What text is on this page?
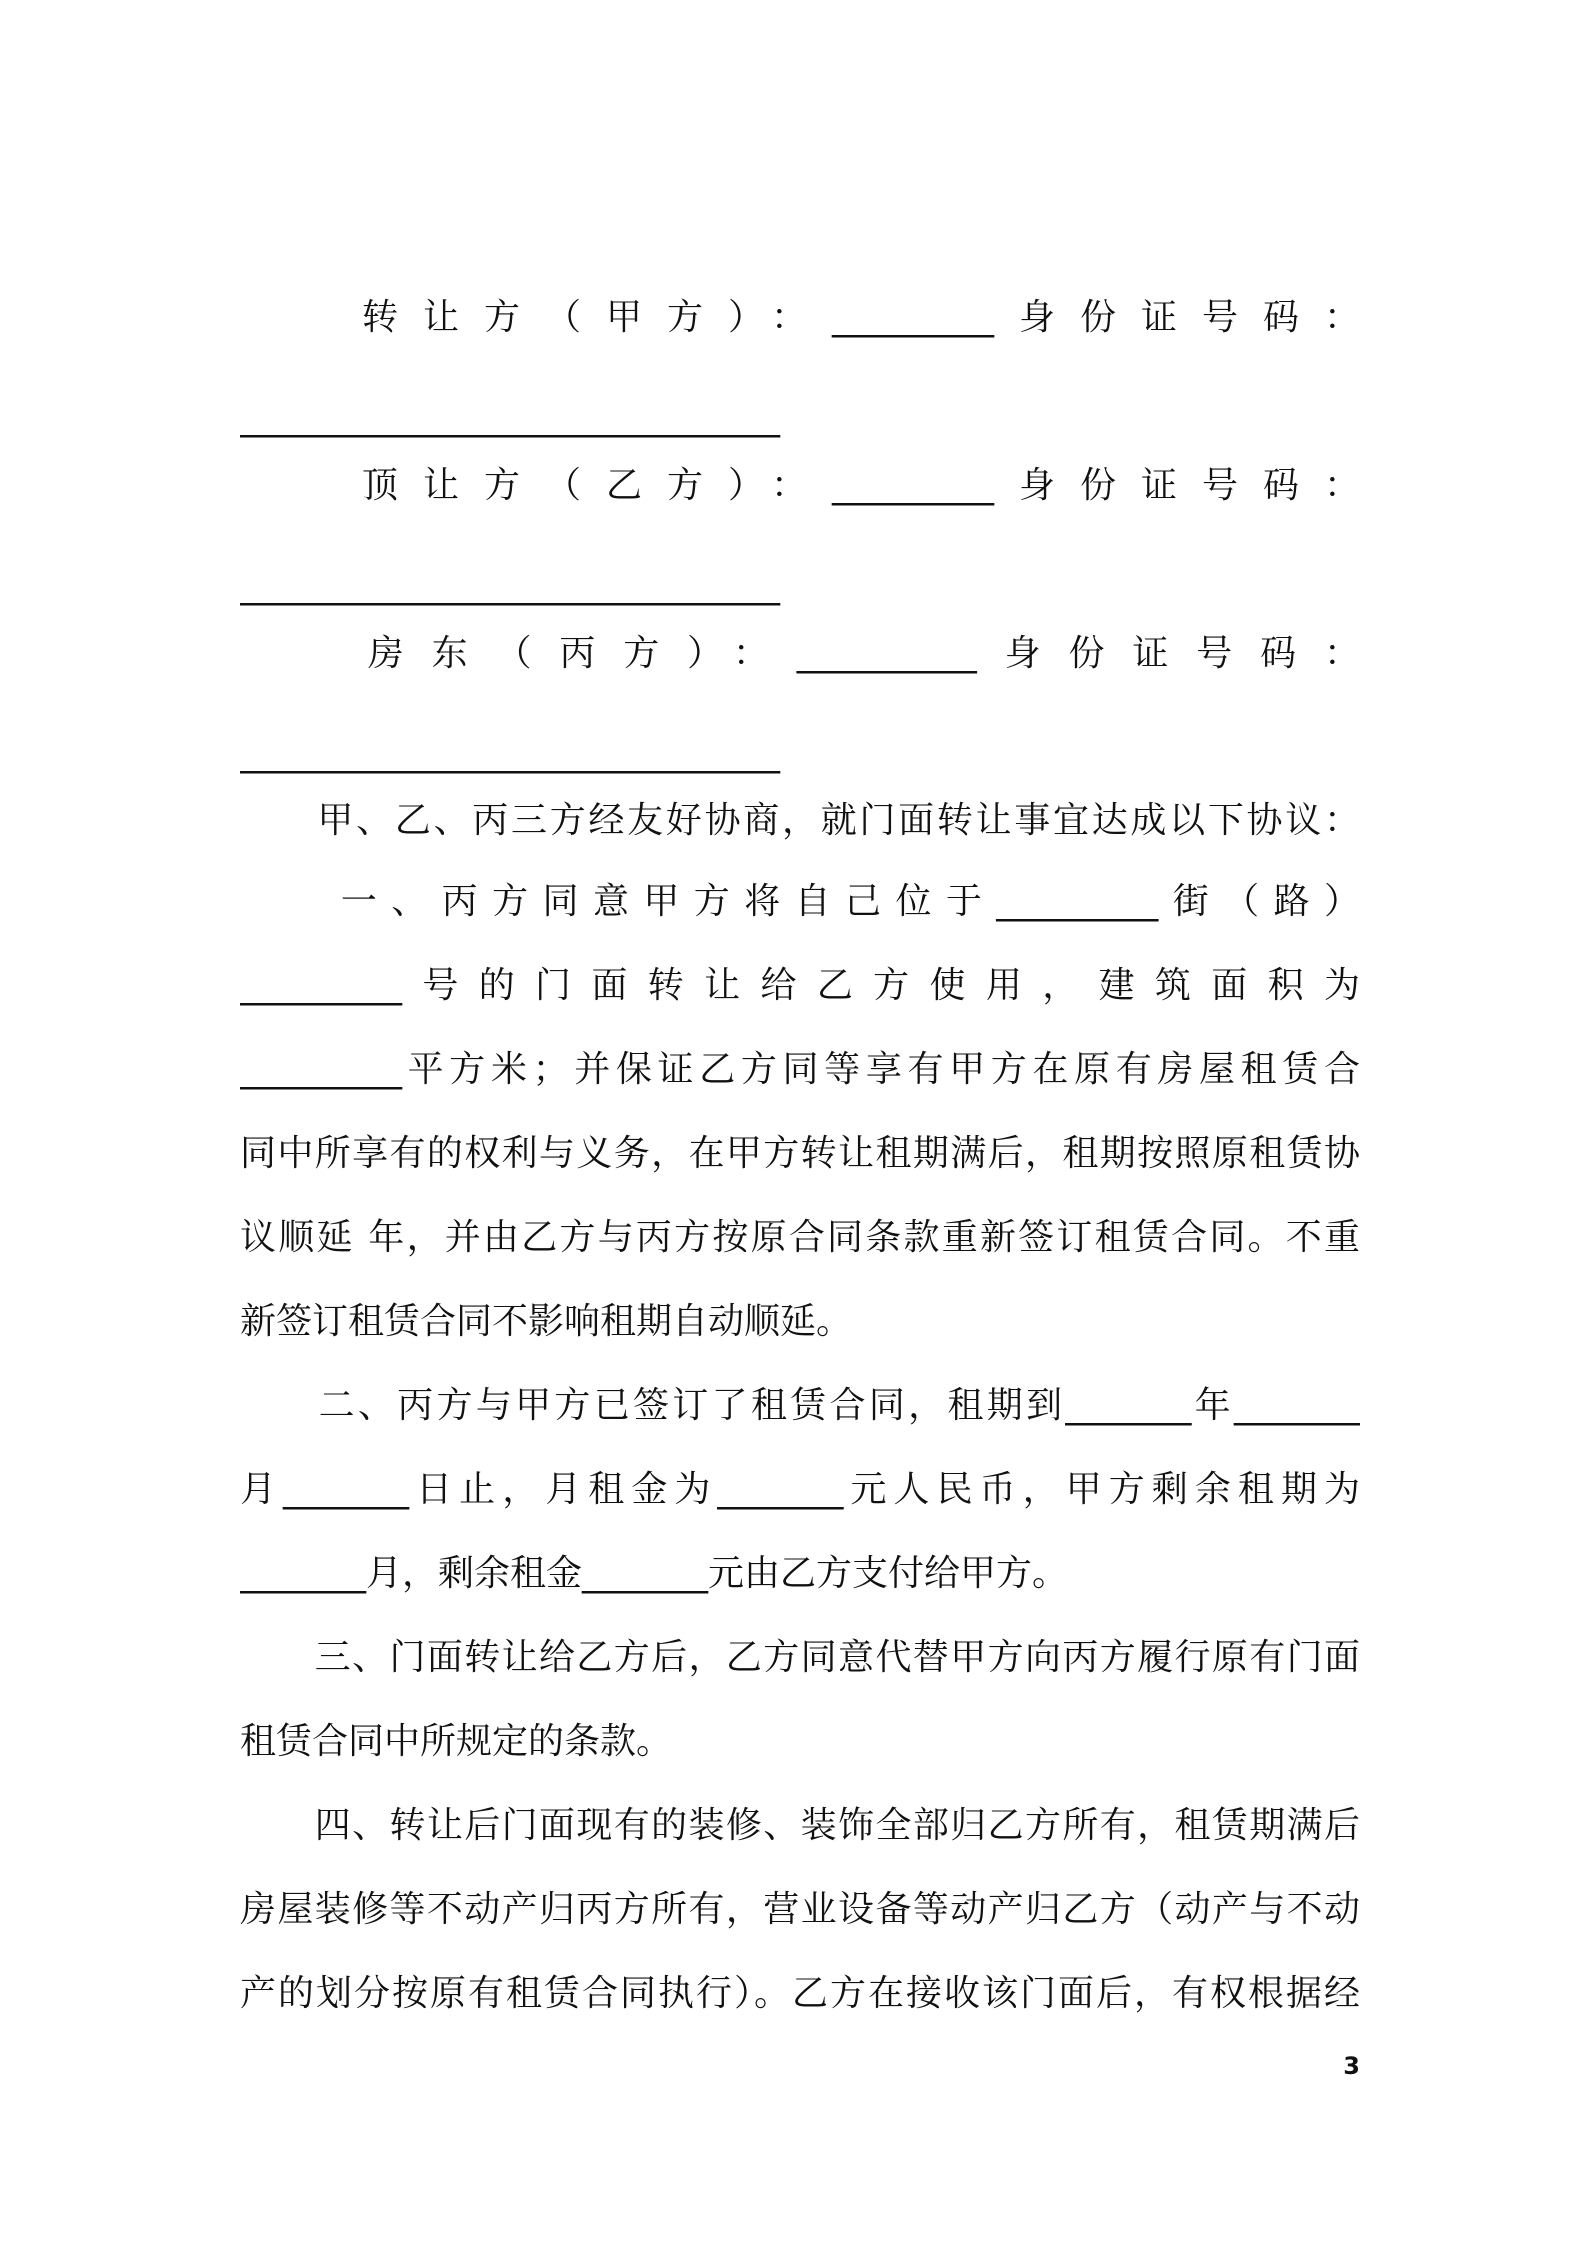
　　转让方（甲方）：_________身份证号码：
______________________________
　　顶让方（乙方）：_________身份证号码：
______________________________
　　房东（丙方）：__________身份证号码：
______________________________
　　甲、乙、丙三方经友好协商，就门面转让事宜达成以下协议：
　　一、丙方同意甲方将自己位于_________街（路）
_________号的门面转让给乙方使用，建筑面积为
_________平方米；并保证乙方同等享有甲方在原有房屋租赁合
同中所享有的权利与义务，在甲方转让租期满后，租期按照原租赁协
议顺延 年，并由乙方与丙方按原合同条款重新签订租赁合同。不重
新签订租赁合同不影响租期自动顺延。
　　二、丙方与甲方已签订了租赁合同，租期到_______年_______
月_______日止，月租金为_______元人民币，甲方剩余租期为
_______月，剩余租金_______元由乙方支付给甲方。
　　三、门面转让给乙方后，乙方同意代替甲方向丙方履行原有门面
租赁合同中所规定的条款。
　　四、转让后门面现有的装修、装饰全部归乙方所有，租赁期满后
房屋装修等不动产归丙方所有，营业设备等动产归乙方（动产与不动
产的划分按原有租赁合同执行）。乙方在接收该门面后，有权根据经
3
